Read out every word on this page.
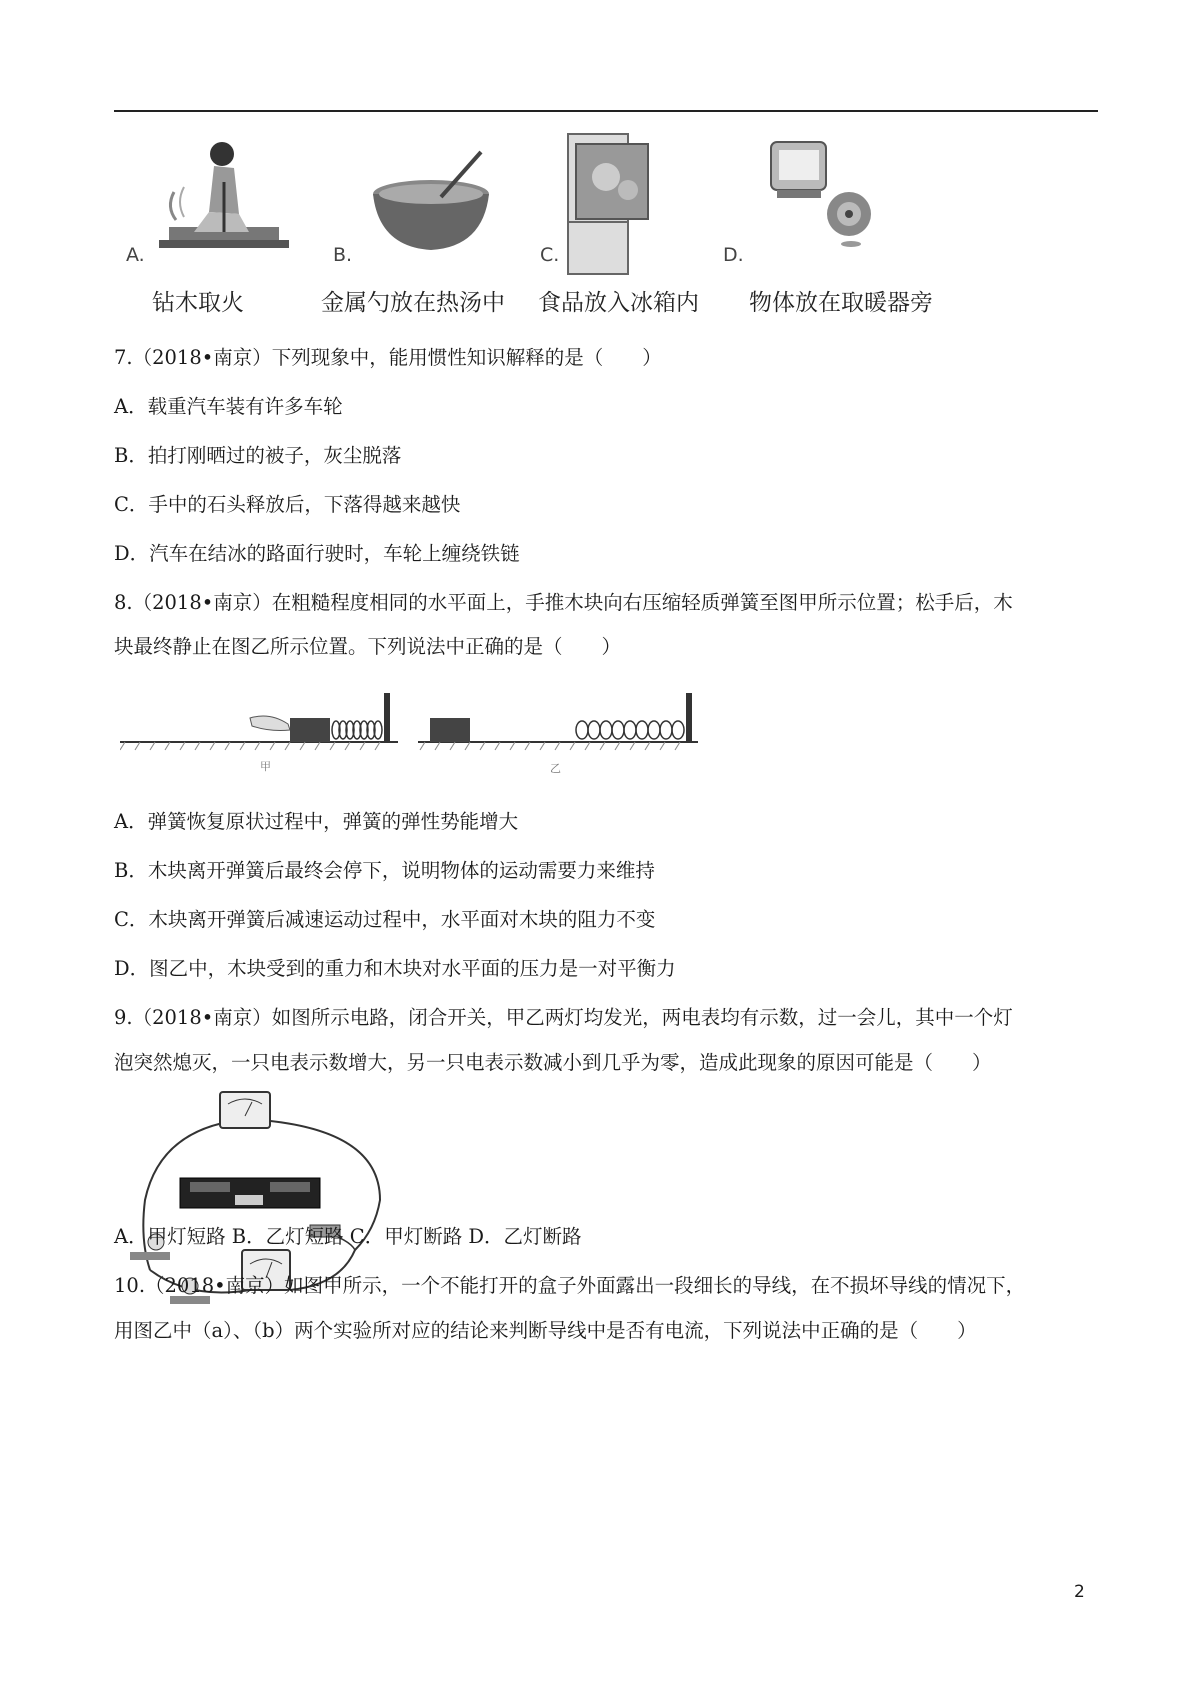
A.
钻木取火
B.
金属勺放在热汤中
C.
食品放入冰箱内
D.
物体放在取暖器旁
7.（2018•南京）下列现象中，能用惯性知识解释的是（　　）
A．载重汽车装有许多车轮
B．拍打刚晒过的被子，灰尘脱落
C．手中的石头释放后，下落得越来越快
D．汽车在结冰的路面行驶时，车轮上缠绕铁链
8.（2018•南京）在粗糙程度相同的水平面上，手推木块向右压缩轻质弹簧至图甲所示位置；松手后，木
块最终静止在图乙所示位置。下列说法中正确的是（　　）
甲	乙
A．弹簧恢复原状过程中，弹簧的弹性势能增大
B．木块离开弹簧后最终会停下，说明物体的运动需要力来维持
C．木块离开弹簧后减速运动过程中，水平面对木块的阻力不变
D．图乙中，木块受到的重力和木块对水平面的压力是一对平衡力
9.（2018•南京）如图所示电路，闭合开关，甲乙两灯均发光，两电表均有示数，过一会儿，其中一个灯
泡突然熄灭，一只电表示数增大，另一只电表示数减小到几乎为零，造成此现象的原因可能是（　　）
A．甲灯短路 B．乙灯短路 C．甲灯断路 D．乙灯断路
10.（2018•南京）如图甲所示，一个不能打开的盒子外面露出一段细长的导线，在不损坏导线的情况下，
用图乙中（a）、（b）两个实验所对应的结论来判断导线中是否有电流，下列说法中正确的是（　　）
2
